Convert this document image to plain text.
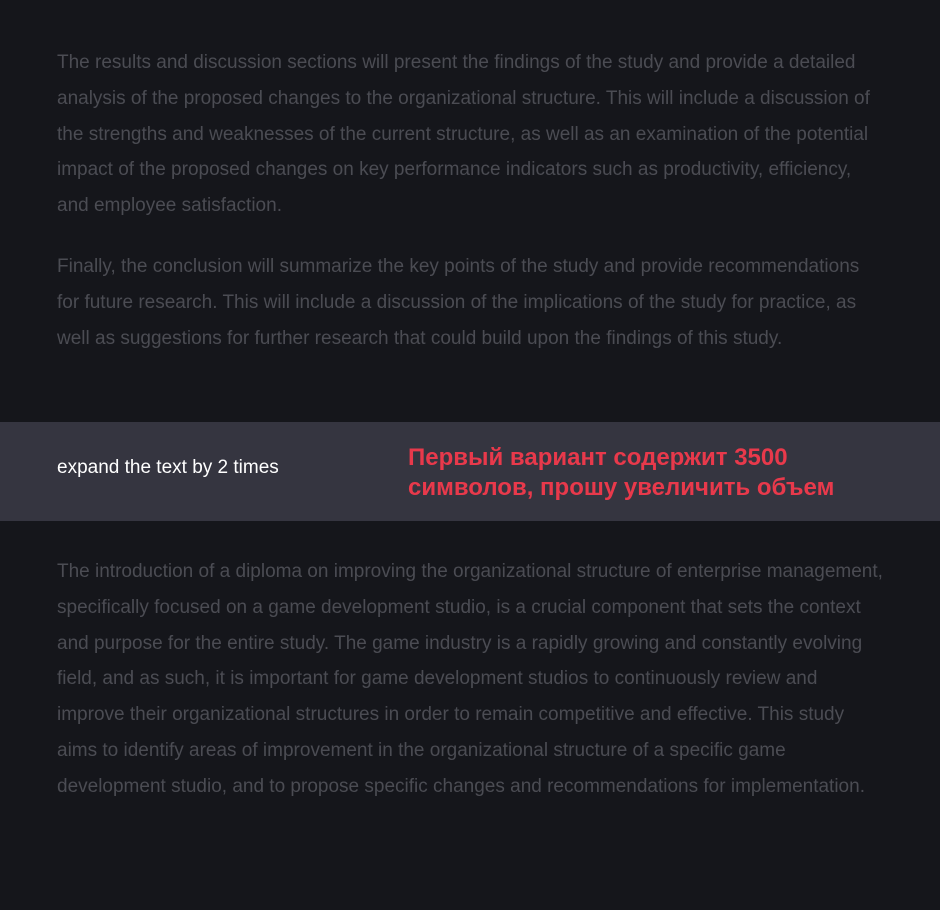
The results and discussion sections will present the findings of the study and provide a detailed analysis of the proposed changes to the organizational structure. This will include a discussion of the strengths and weaknesses of the current structure, as well as an examination of the potential impact of the proposed changes on key performance indicators such as productivity, efficiency, and employee satisfaction.

Finally, the conclusion will summarize the key points of the study and provide recommendations for future research. This will include a discussion of the implications of the study for practice, as well as suggestions for further research that could build upon the findings of this study.

expand the text by 2 times	Первый вариант содержит 3500 символов, прошу увеличить объем

The introduction of a diploma on improving the organizational structure of enterprise management, specifically focused on a game development studio, is a crucial component that sets the context and purpose for the entire study. The game industry is a rapidly growing and constantly evolving field, and as such, it is important for game development studios to continuously review and improve their organizational structures in order to remain competitive and effective. This study aims to identify areas of improvement in the organizational structure of a specific game development studio, and to propose specific changes and recommendations for implementation.
